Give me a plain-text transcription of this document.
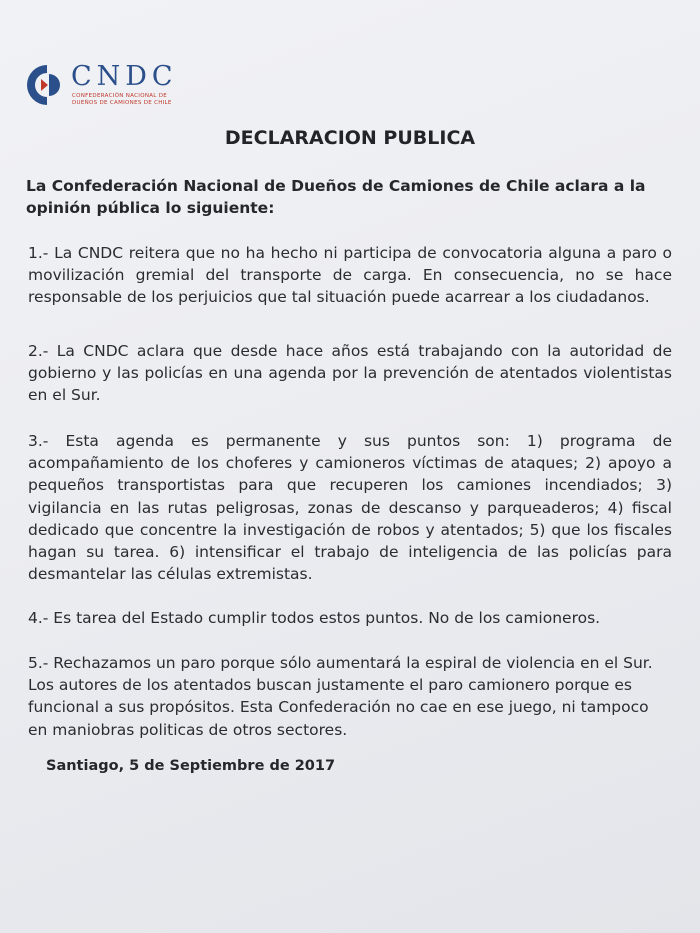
CNDC
CONFEDERACIÓN NACIONAL DE
DUEÑOS DE CAMIONES DE CHILE
DECLARACION PUBLICA
La Confederación Nacional de Dueños de Camiones de Chile aclara a la opinión pública lo siguiente:
1.- La CNDC reitera que no ha hecho ni participa de convocatoria alguna a paro o movilización gremial del transporte de carga. En consecuencia, no se hace responsable de los perjuicios que tal situación puede acarrear a los ciudadanos.
2.- La CNDC aclara que desde hace años está trabajando con la autoridad de gobierno y las policías en una agenda por la prevención de atentados violentistas en el Sur.
3.- Esta agenda es permanente y sus puntos son: 1) programa de acompañamiento de los choferes y camioneros víctimas de ataques; 2) apoyo a pequeños transportistas para que recuperen los camiones incendiados; 3) vigilancia en las rutas peligrosas, zonas de descanso y parqueaderos; 4) fiscal dedicado que concentre la investigación de robos y atentados; 5) que los fiscales hagan su tarea. 6) intensificar el trabajo de inteligencia de las policías para desmantelar las células extremistas.
4.- Es tarea del Estado cumplir todos estos puntos. No de los camioneros.
5.- Rechazamos un paro porque sólo aumentará la espiral de violencia en el Sur. Los autores de los atentados buscan justamente el paro camionero porque es funcional a sus propósitos. Esta Confederación no cae en ese juego, ni tampoco en maniobras politicas de otros sectores.
Santiago, 5 de Septiembre de 2017
